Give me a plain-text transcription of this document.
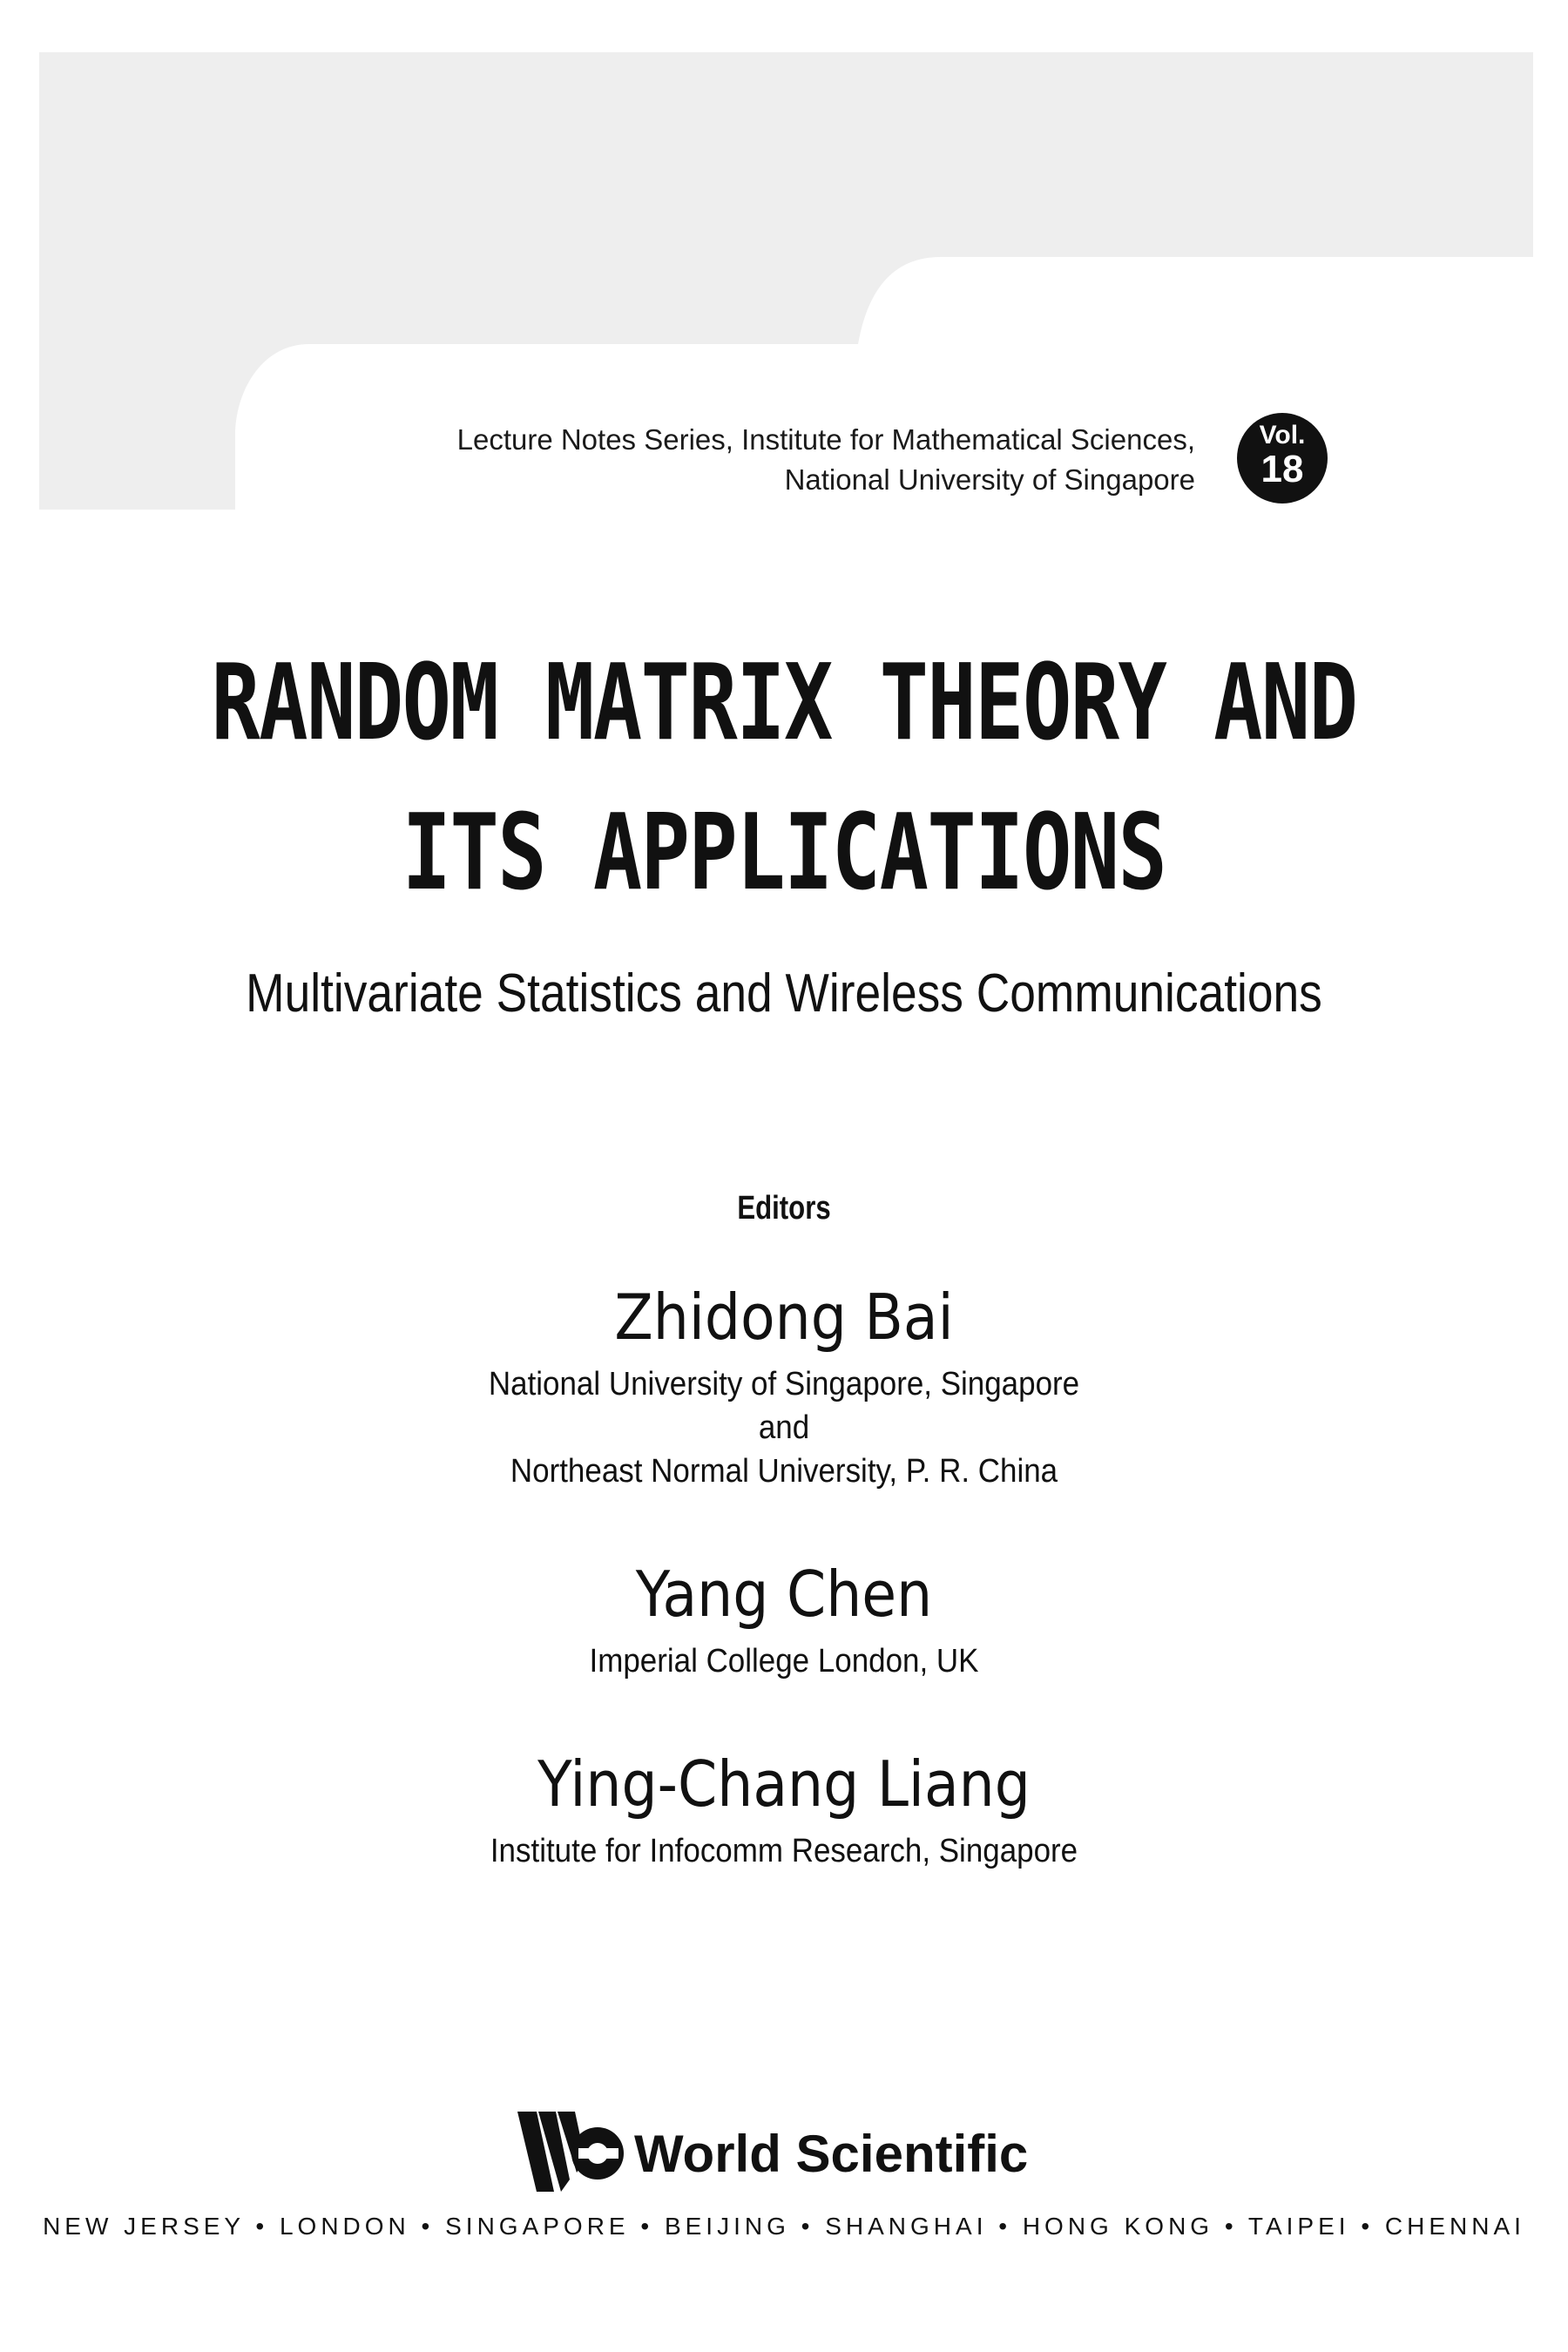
Lecture Notes Series, Institute for Mathematical Sciences,
National University of Singapore
Vol.
18
RANDOM MATRIX THEORY AND
ITS APPLICATIONS
Multivariate Statistics and Wireless Communications
Editors
Zhidong Bai
National University of Singapore, Singapore
and
Northeast Normal University, P. R. China
Yang Chen
Imperial College London, UK
Ying-Chang Liang
Institute for Infocomm Research, Singapore
World Scientific
NEW JERSEY • LONDON • SINGAPORE • BEIJING • SHANGHAI • HONG KONG • TAIPEI • CHENNAI
